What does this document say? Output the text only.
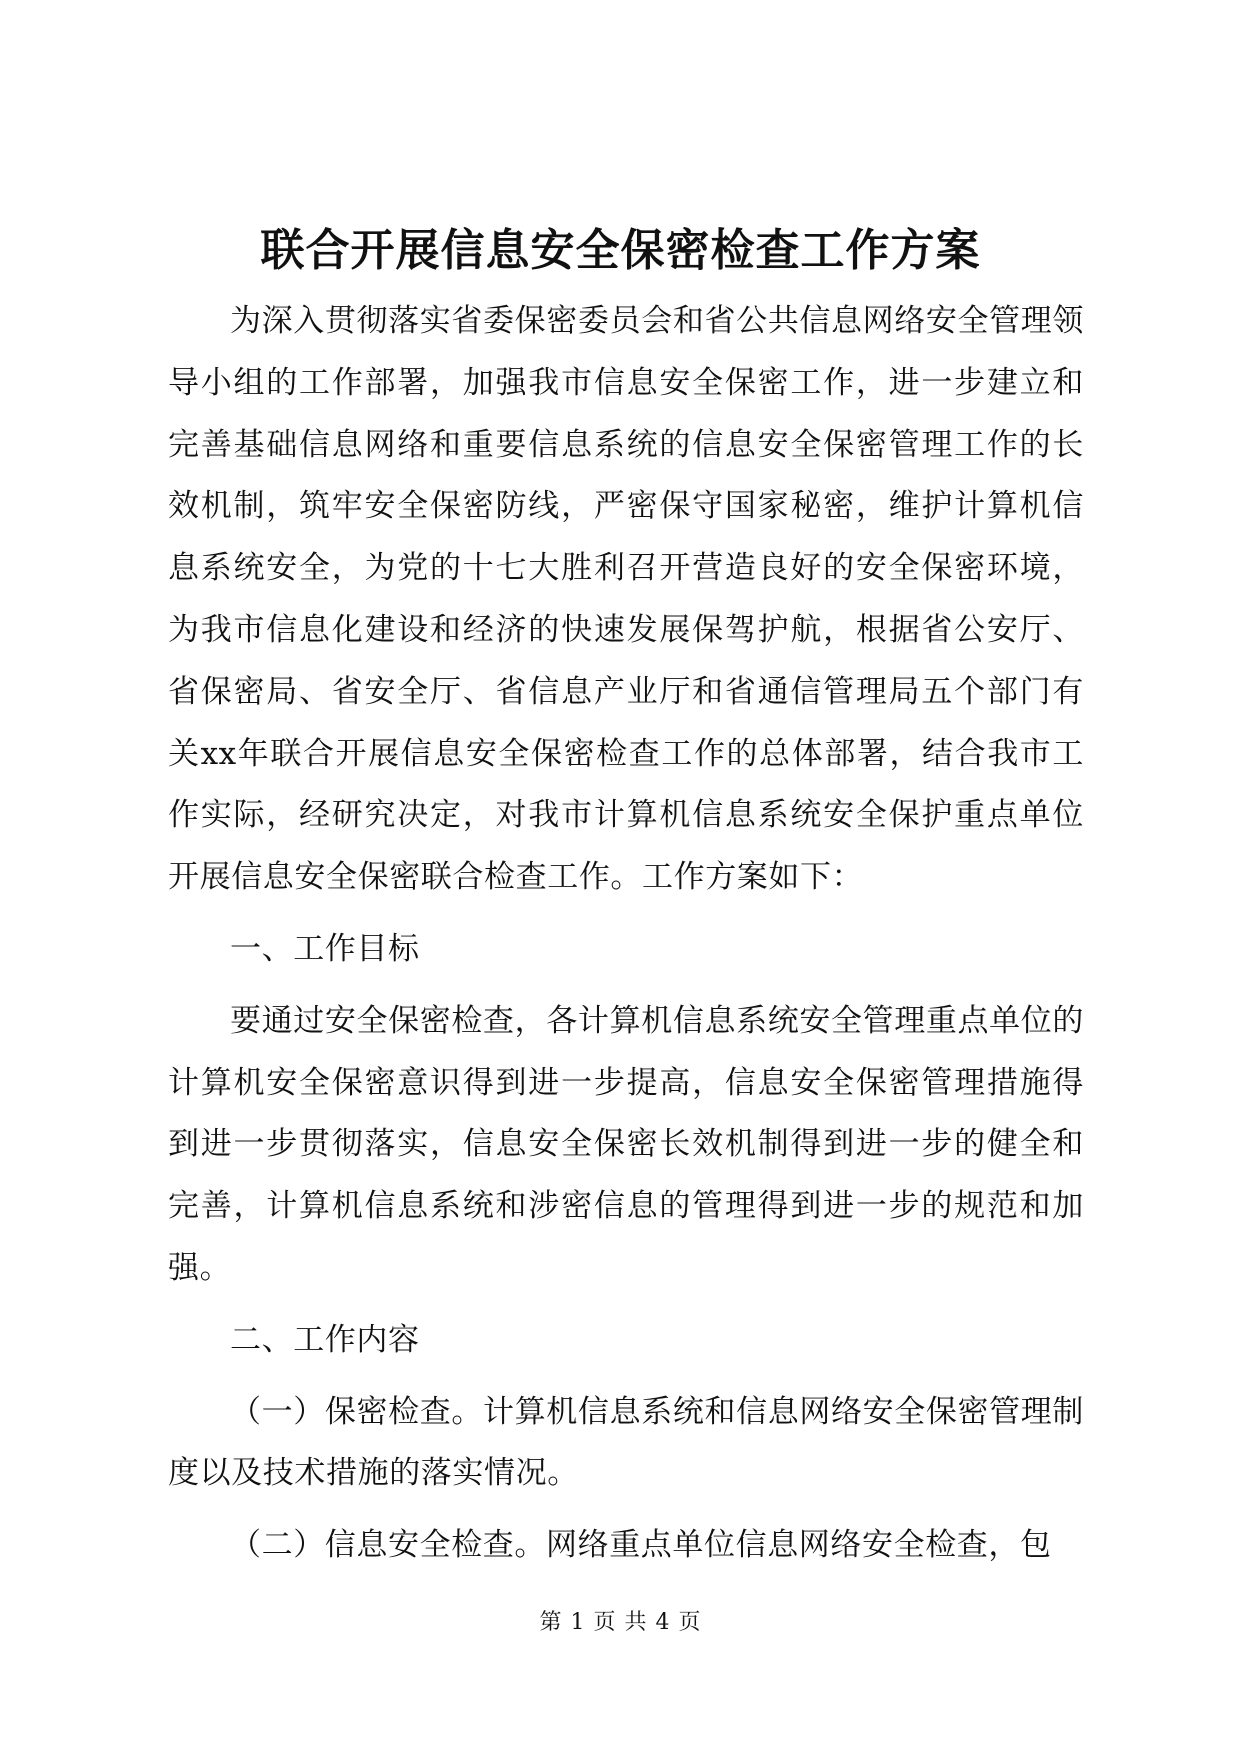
联合开展信息安全保密检查工作方案

为深入贯彻落实省委保密委员会和省公共信息网络安全管理领导小组的工作部署，加强我市信息安全保密工作，进一步建立和完善基础信息网络和重要信息系统的信息安全保密管理工作的长效机制，筑牢安全保密防线，严密保守国家秘密，维护计算机信息系统安全，为党的十七大胜利召开营造良好的安全保密环境，为我市信息化建设和经济的快速发展保驾护航，根据省公安厅、省保密局、省安全厅、省信息产业厅和省通信管理局五个部门有关xx年联合开展信息安全保密检查工作的总体部署，结合我市工作实际，经研究决定，对我市计算机信息系统安全保护重点单位开展信息安全保密联合检查工作。工作方案如下：

一、工作目标

要通过安全保密检查，各计算机信息系统安全管理重点单位的计算机安全保密意识得到进一步提高，信息安全保密管理措施得到进一步贯彻落实，信息安全保密长效机制得到进一步的健全和完善，计算机信息系统和涉密信息的管理得到进一步的规范和加强。

二、工作内容

（一）保密检查。计算机信息系统和信息网络安全保密管理制度以及技术措施的落实情况。

（二）信息安全检查。网络重点单位信息网络安全检查，包

第 1 页 共 4 页
